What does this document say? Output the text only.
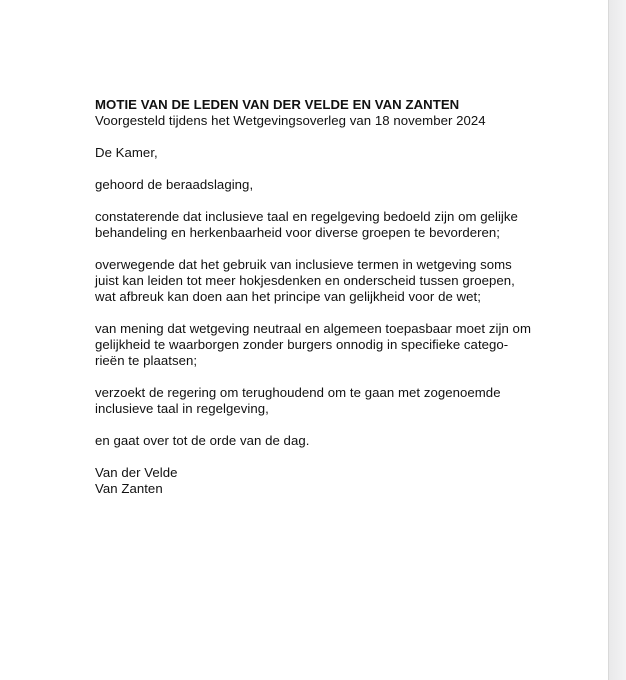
MOTIE VAN DE LEDEN VAN DER VELDE EN VAN ZANTEN

Voorgesteld tijdens het Wetgevingsoverleg van 18 november 2024

De Kamer,

gehoord de beraadslaging,

constaterende dat inclusieve taal en regelgeving bedoeld zijn om gelijke
behandeling en herkenbaarheid voor diverse groepen te bevorderen;

overwegende dat het gebruik van inclusieve termen in wetgeving soms
juist kan leiden tot meer hokjesdenken en onderscheid tussen groepen,
wat afbreuk kan doen aan het principe van gelijkheid voor de wet;

van mening dat wetgeving neutraal en algemeen toepasbaar moet zijn om
gelijkheid te waarborgen zonder burgers onnodig in specifieke catego-
rieën te plaatsen;

verzoekt de regering om terughoudend om te gaan met zogenoemde
inclusieve taal in regelgeving,

en gaat over tot de orde van de dag.

Van der Velde

Van Zanten
